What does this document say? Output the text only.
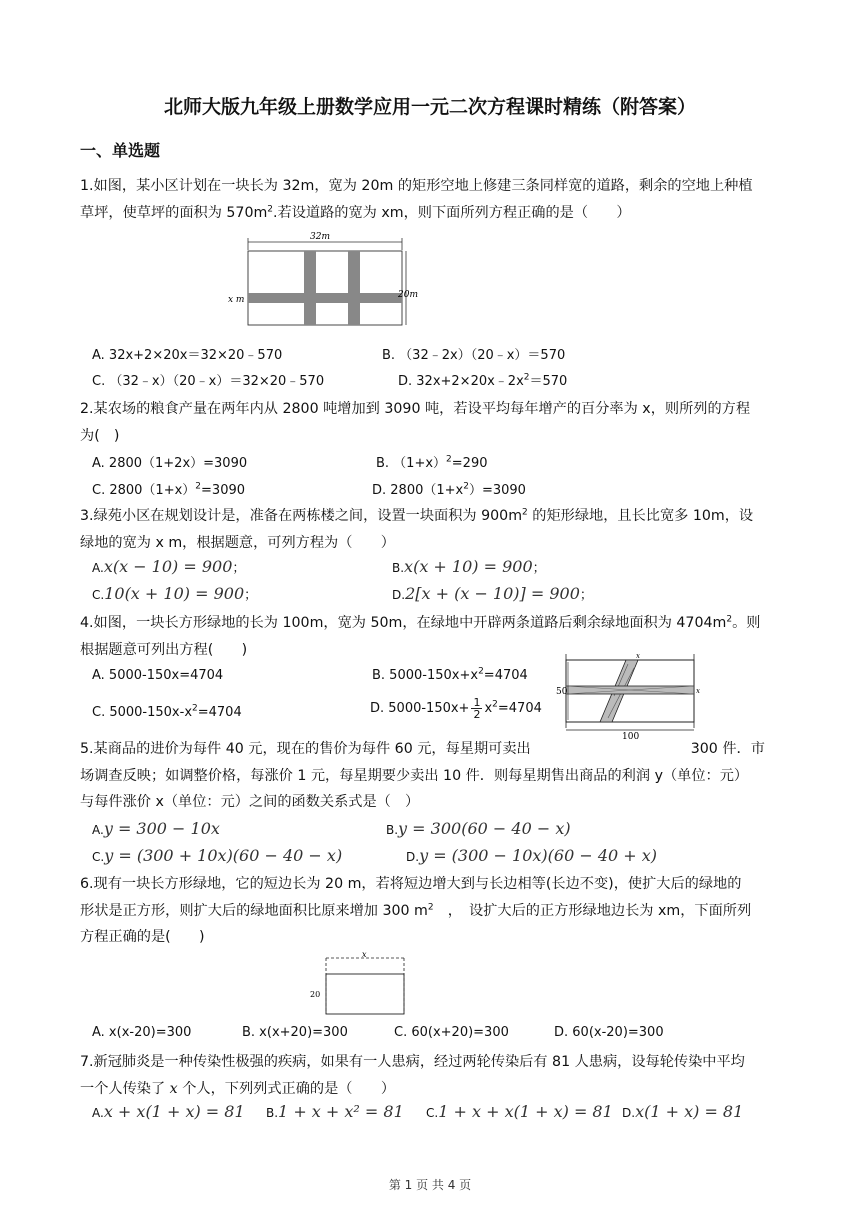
北师大版九年级上册数学应用一元二次方程课时精练（附答案）
一、单选题
1.如图，某小区计划在一块长为 32m，宽为 20m 的矩形空地上修建三条同样宽的道路，剩余的空地上种植
草坪，使草坪的面积为 $570m^2$.若设道路的宽为 xm，则下面所列方程正确的是（　　）
32m
20m
x m
A. 32x+2×20x＝32×20﹣570	B. （32﹣2x）（20﹣x）＝570
C. （32﹣x）（20﹣x）＝32×20﹣570	D. $32x+2\times 20x﹣2x^2=570$
2.某农场的粮食产量在两年内从 2800 吨增加到 3090 吨，若设平均每年增产的百分率为 x，则所列的方程
为(　)
A. 2800（1+2x）=3090	B. $(1+x)^2=290$
C. $2800(1+x)^2=3090$	D. $2800(1+x^2)=3090$
3.绿苑小区在规划设计是，准备在两栋楼之间，设置一块面积为 $900m^2$ 的矩形绿地，且长比宽多 10m，设
绿地的宽为 x m，根据题意，可列方程为（　　）
A.x(x − 10) = 900；	B.x(x + 10) = 900；
C.10(x + 10) = 900；	D.2[x + (x − 10)] = 900；
4.如图，一块长方形绿地的长为 100m，宽为 50m，在绿地中开辟两条道路后剩余绿地面积为 $4704m^2$。则
根据题意可列出方程(　　)
A. 5000-150x=4704	B. $5000-150x+x^2=4704$
C. $5000-150x-x^2=4704$	D. $5000-150x+ \frac{1}{2} x^2=4704$
50
100
x
x
5.某商品的进价为每件 40 元，现在的售价为每件 60 元，每星期可卖出	300 件．市
场调查反映；如调整价格，每涨价 1 元，每星期要少卖出 10 件．则每星期售出商品的利润 y（单位：元）
与每件涨价 x（单位：元）之间的函数关系式是（　）
A.y = 300 − 10x	B.y = 300(60 − 40 − x)
C.y = (300 + 10x)(60 − 40 − x)	D.y = (300 − 10x)(60 − 40 + x)
6.现有一块长方形绿地，它的短边长为 20 m，若将短边增大到与长边相等(长边不变)，使扩大后的绿地的
形状是正方形，则扩大后的绿地面积比原来增加 300 $m^2$　，　设扩大后的正方形绿地边长为 xm，下面所列
方程正确的是(　　)
x
20
A. x(x-20)=300	B. x(x+20)=300	C. 60(x+20)=300	D. 60(x-20)=300
7.新冠肺炎是一种传染性极强的疾病，如果有一人患病，经过两轮传染后有 81 人患病，设每轮传染中平均
一个人传染了 x 个人，下列列式正确的是（　　）
A.x + x(1 + x) = 81 B.1 + x + x² = 81 C.1 + x + x(1 + x) = 81 D.x(1 + x) = 81
第 1 页 共 4 页
